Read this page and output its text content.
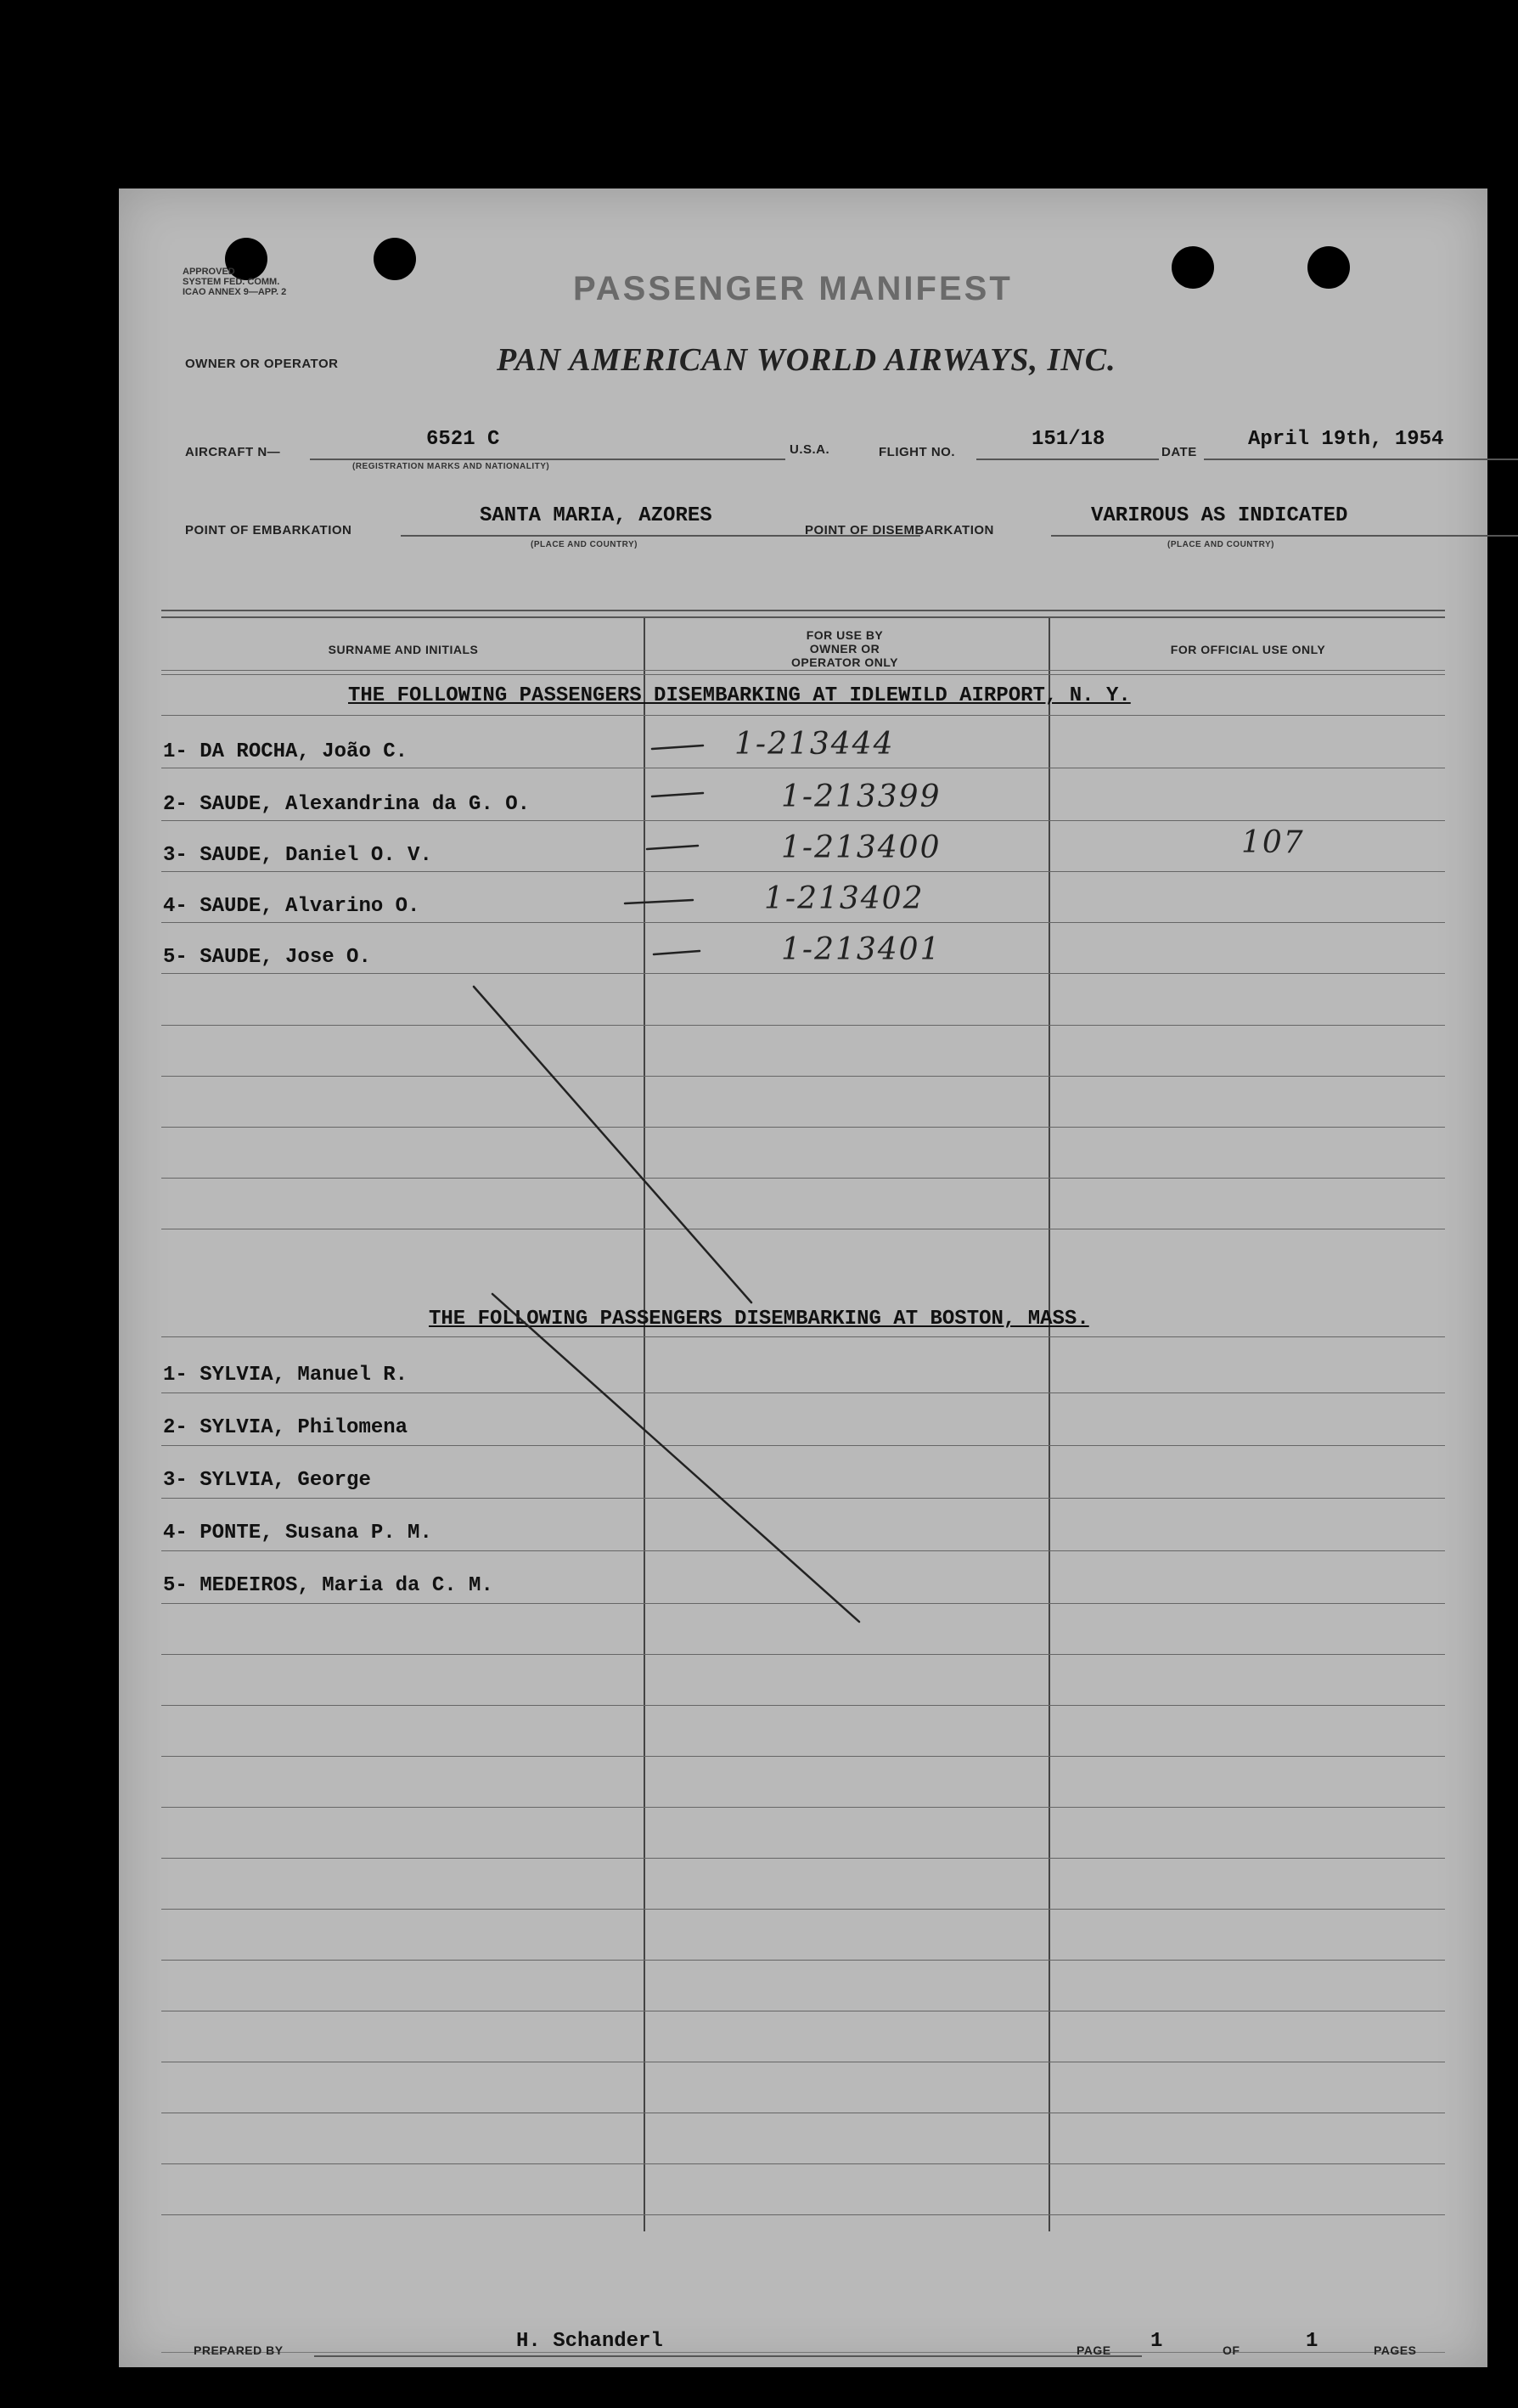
APPROVED
SYSTEM FED. COMM.
ICAO ANNEX 9—APP. 2	PASSENGER MANIFEST
OWNER OR OPERATOR	PAN AMERICAN WORLD AIRWAYS, INC.
AIRCRAFT N—
6521 C
(REGISTRATION MARKS AND NATIONALITY)
U.S.A.	FLIGHT NO.
151/18
DATE
April 19th, 1954
POINT OF EMBARKATION
SANTA MARIA, AZORES
(PLACE AND COUNTRY)
POINT OF DISEMBARKATION
VARIROUS AS INDICATED
(PLACE AND COUNTRY)
SURNAME AND INITIALS
FOR USE BY OWNER OR OPERATOR ONLY
FOR OFFICIAL USE ONLY
THE FOLLOWING PASSENGERS DISEMBARKING AT IDLEWILD AIRPORT, N. Y.
1- DA ROCHA, João C.	1-213444
2- SAUDE, Alexandrina da G. O.	1-213399
3- SAUDE, Daniel O. V.	1-213400	107
4- SAUDE, Alvarino O.	1-213402
5- SAUDE, Jose O.	1-213401
THE FOLLOWING PASSENGERS DISEMBARKING AT BOSTON, MASS.
1- SYLVIA, Manuel R.
2- SYLVIA, Philomena
3- SYLVIA, George
4- PONTE, Susana P. M.
5- MEDEIROS, Maria da C. M.
PREPARED BY	H. Schanderl	PAGE 1	OF	1	PAGES
